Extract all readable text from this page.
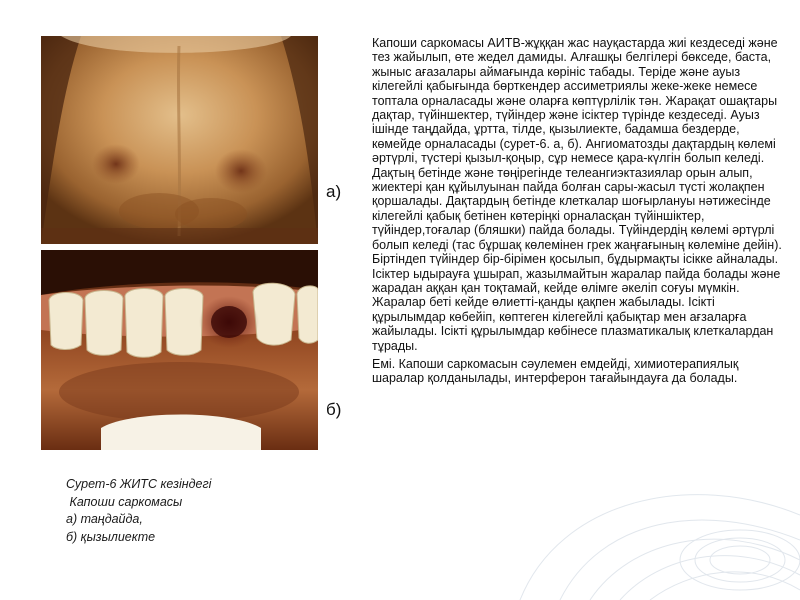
а)
б)
Сурет-6 ЖИТС кезіндегі
Капоши саркомасы
а) таңдайда,
б) қызылиекте
Капоши саркомасы АИТВ-жұққан жас науқастарда жиі кездеседі және тез жайылып, өте жедел дамиды. Алғашқы белгілері бөкседе, баста, жыныс ағазалары аймағында көрініс табады. Теріде және ауыз кілегейлі қабығында бөрткендер ассиметриялы жеке-жеке немесе топтала орналасады және оларға көптүрлілік тән. Жарақат ошақтары дақтар, түйіншектер, түйіндер және ісіктер түрінде кездеседі. Ауыз ішінде таңдайда, ұртта, тілде, қызылиекте, бадамша бездерде, көмейде орналасады (сурет-6. а, б). Ангиоматозды дақтардың көлемі әртүрлі, түстері қызыл-қоңыр, сұр немесе қара-күлгін болып келеді. Дақтың бетінде және төңірегінде телеангиэктазиялар орын алып, жиектері қан құйылуынан пайда болған сары-жасыл түсті жолақпен қоршалады. Дақтардың бетінде клеткалар шоғырлануы нәтижесінде кілегейлі қабық бетінен көтеріңкі орналасқан түйіншіктер, түйіндер,тоғалар (бляшки) пайда болады. Түйіндердің көлемі әртүрлі болып келеді (тас бұршақ көлемінен грек жаңғағының көлеміне дейін). Біртіндеп түйіндер бір-бірімен қосылып, бұдырмақты ісікке айналады. Ісіктер ыдырауға ұшырап, жазылмайтын жаралар пайда болады және жарадан аққан қан тоқтамай, кейде өлімге әкеліп соғуы мүмкін. Жаралар беті кейде өлиетті-қанды қақпен жабылады. Ісікті құрылымдар көбейіп, көптеген кілегейлі қабықтар мен ағзаларға жайылады. Ісікті құрылымдар көбінесе плазматикалық клеткалардан тұрады.
Емі. Капоши саркомасын сәулемен емдейді, химиотерапиялық шаралар қолданылады, интерферон тағайындауға да болады.
